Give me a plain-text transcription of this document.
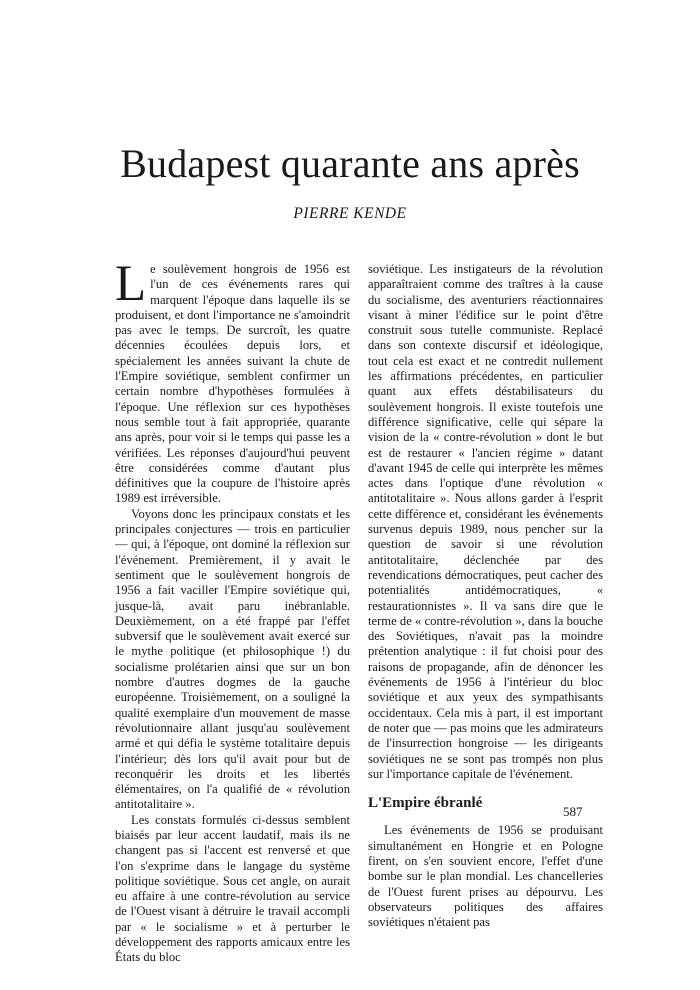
Budapest quarante ans après
PIERRE KENDE

Le soulèvement hongrois de 1956 est l'un de ces événements rares qui marquent l'époque dans laquelle ils se produisent, et dont l'importance ne s'amoindrit pas avec le temps. De surcroît, les quatre décennies écoulées depuis lors, et spécialement les années suivant la chute de l'Empire soviétique, semblent confirmer un certain nombre d'hypothèses formulées à l'époque. Une réflexion sur ces hypothèses nous semble tout à fait appropriée, quarante ans après, pour voir si le temps qui passe les a vérifiées. Les réponses d'aujourd'hui peuvent être considérées comme d'autant plus définitives que la coupure de l'histoire après 1989 est irréversible.

Voyons donc les principaux constats et les principales conjectures — trois en particulier — qui, à l'époque, ont dominé la réflexion sur l'événement. Premièrement, il y avait le sentiment que le soulèvement hongrois de 1956 a fait vaciller l'Empire soviétique qui, jusque-là, avait paru inébranlable. Deuxièmement, on a été frappé par l'effet subversif que le soulèvement avait exercé sur le mythe politique (et philosophique !) du socialisme prolétarien ainsi que sur un bon nombre d'autres dogmes de la gauche européenne. Troisièmement, on a souligné la qualité exemplaire d'un mouvement de masse révolutionnaire allant jusqu'au soulèvement armé et qui défia le système totalitaire depuis l'intérieur; dès lors qu'il avait pour but de reconquérir les droits et les libertés élémentaires, on l'a qualifié de « révolution antitotalitaire ».

Les constats formulés ci-dessus semblent biaisés par leur accent laudatif, mais ils ne changent pas si l'accent est renversé et que l'on s'exprime dans le langage du système politique soviétique. Sous cet angle, on aurait eu affaire à une contre-révolution au service de l'Ouest visant à détruire le travail accompli par « le socialisme » et à perturber le développement des rapports amicaux entre les États du bloc

soviétique. Les instigateurs de la révolution apparaîtraient comme des traîtres à la cause du socialisme, des aventuriers réactionnaires visant à miner l'édifice sur le point d'être construit sous tutelle communiste. Replacé dans son contexte discursif et idéologique, tout cela est exact et ne contredit nullement les affirmations précédentes, en particulier quant aux effets déstabilisateurs du soulèvement hongrois. Il existe toutefois une différence significative, celle qui sépare la vision de la « contre-révolution » dont le but est de restaurer « l'ancien régime » datant d'avant 1945 de celle qui interprète les mêmes actes dans l'optique d'une révolution « antitotalitaire ». Nous allons garder à l'esprit cette différence et, considérant les événements survenus depuis 1989, nous pencher sur la question de savoir si une révolution antitotalitaire, déclenchée par des revendications démocratiques, peut cacher des potentialités antidémocratiques, « restaurationnistes ». Il va sans dire que le terme de « contre-révolution », dans la bouche des Soviétiques, n'avait pas la moindre prétention analytique : il fut choisi pour des raisons de propagande, afin de dénoncer les événements de 1956 à l'intérieur du bloc soviétique et aux yeux des sympathisants occidentaux. Cela mis à part, il est important de noter que — pas moins que les admirateurs de l'insurrection hongroise — les dirigeants soviétiques ne se sont pas trompés non plus sur l'importance capitale de l'événement.

L'Empire ébranlé

Les événements de 1956 se produisant simultanément en Hongrie et en Pologne firent, on s'en souvient encore, l'effet d'une bombe sur le plan mondial. Les chancelleries de l'Ouest furent prises au dépourvu. Les observateurs politiques des affaires soviétiques n'étaient pas

587
